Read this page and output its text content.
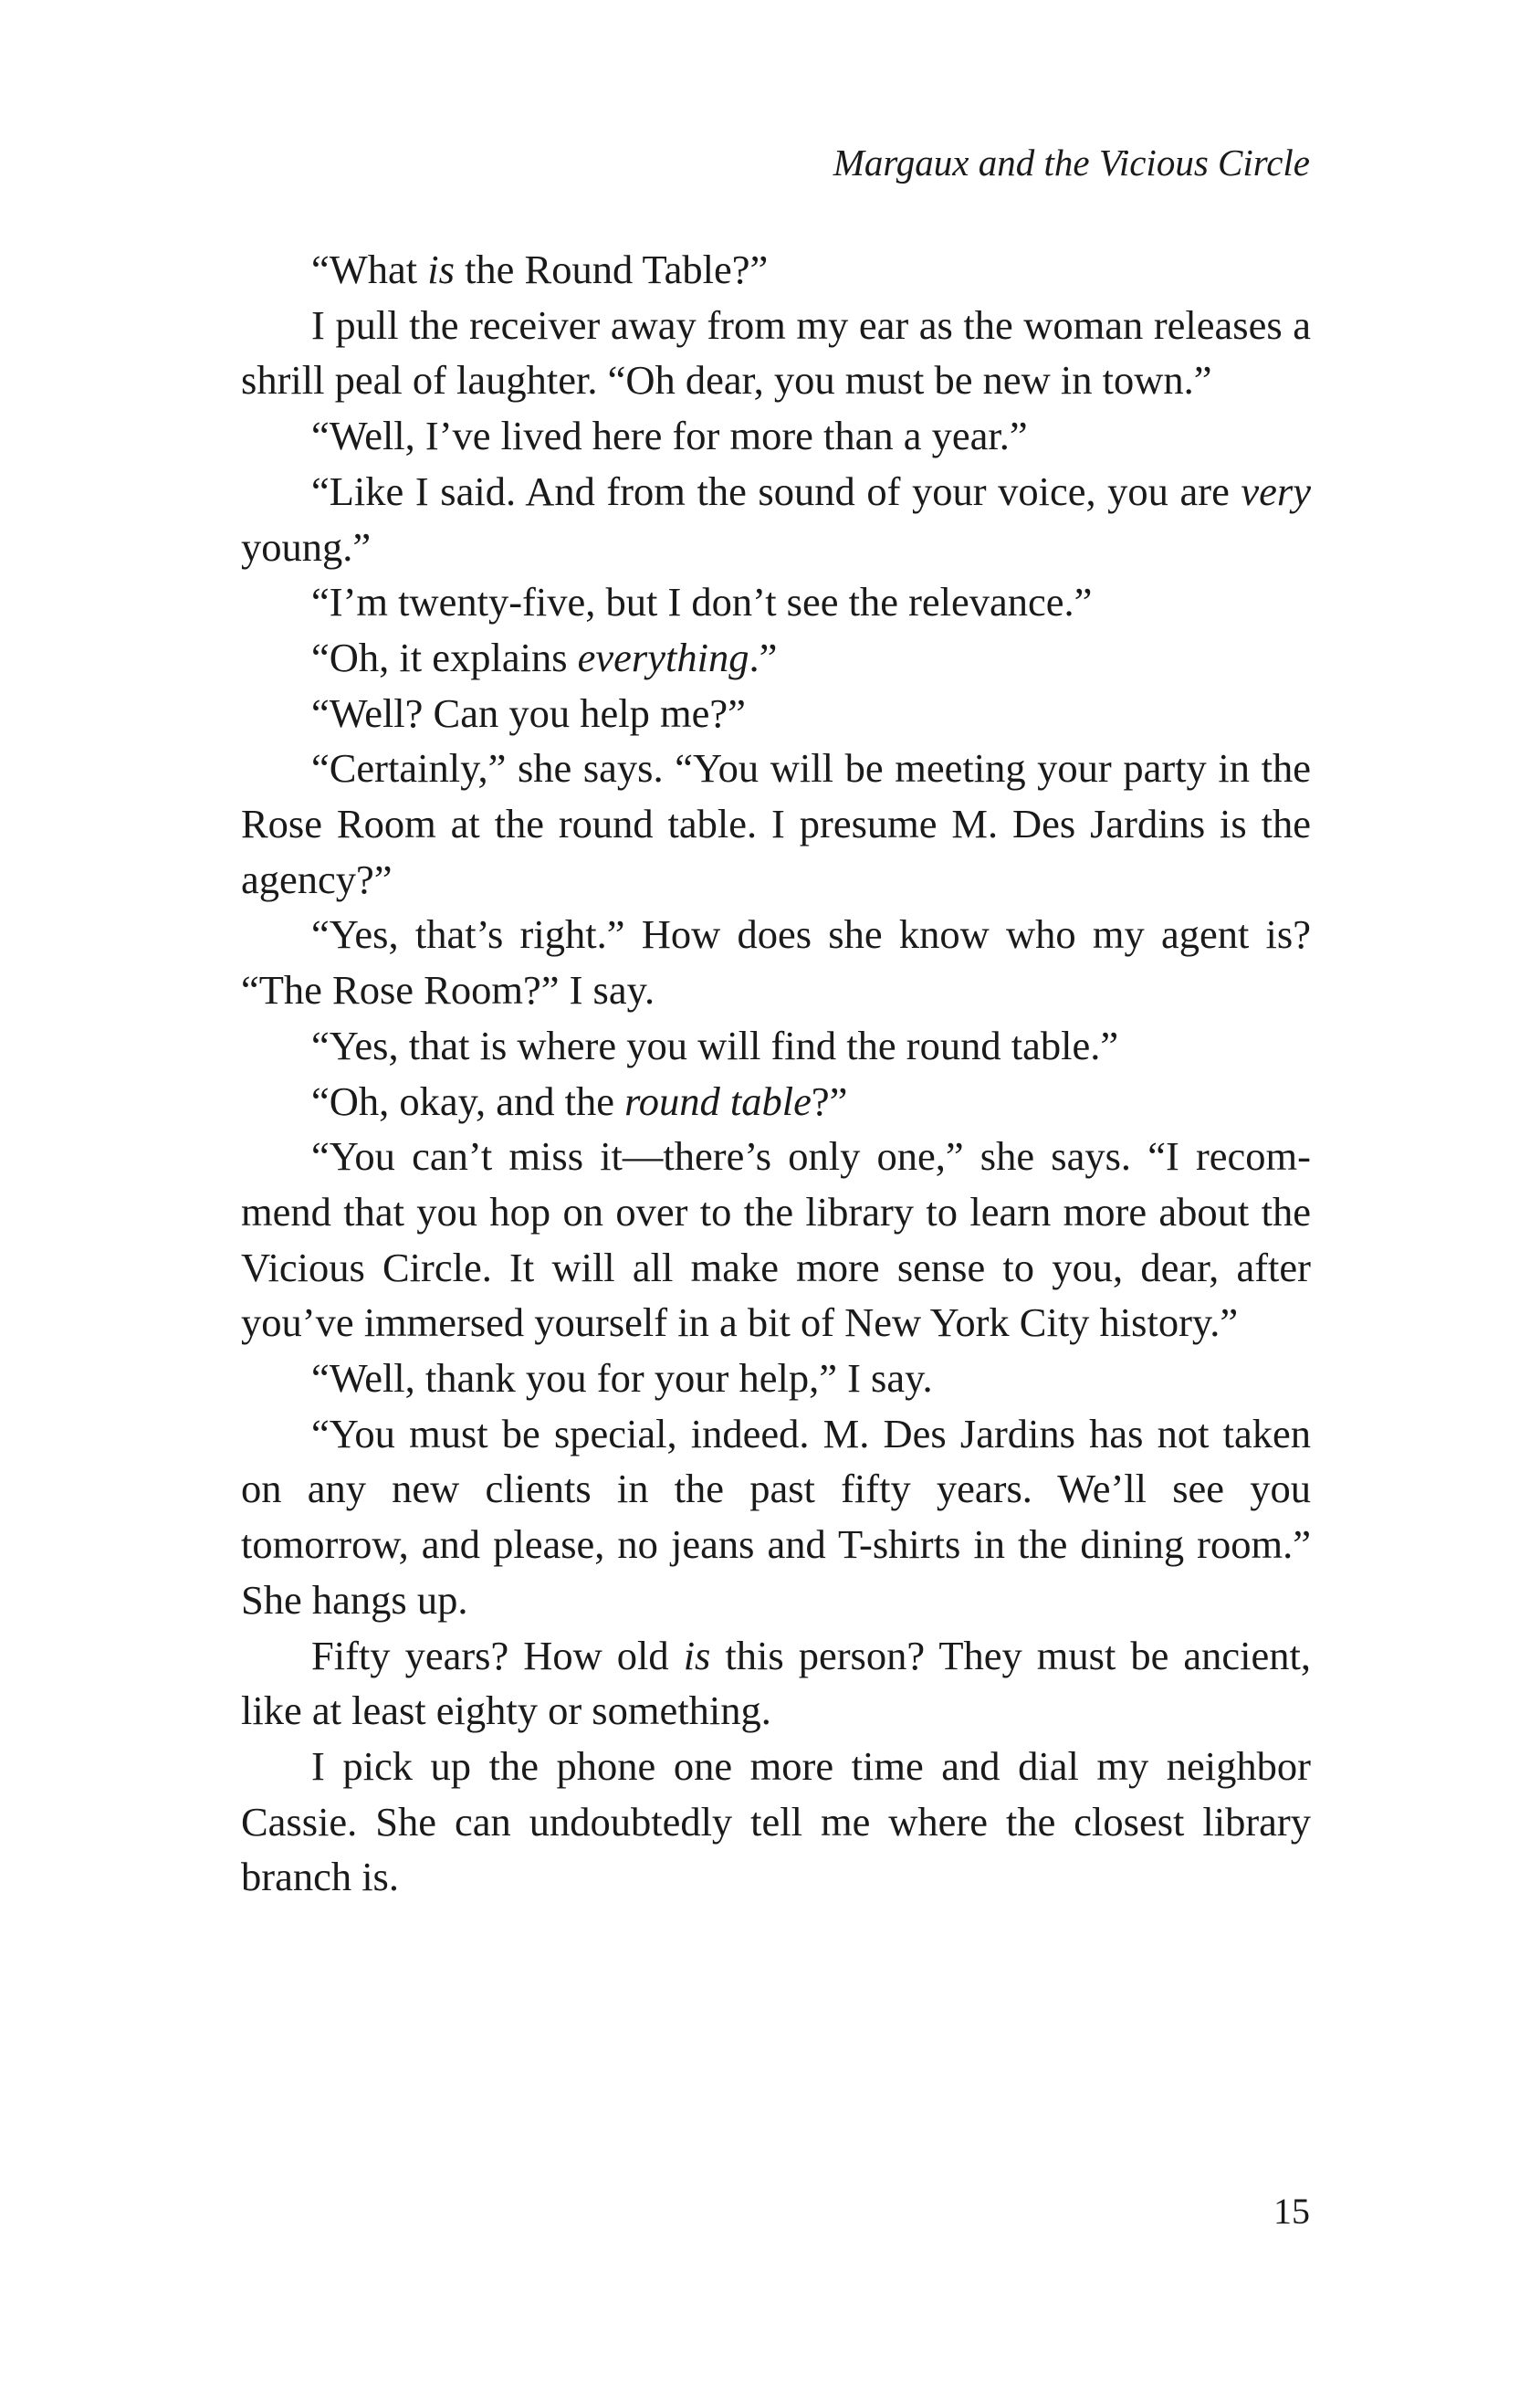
Margaux and the Vicious Circle

“What is the Round Table?”

I pull the receiver away from my ear as the woman releases a shrill peal of laughter. “Oh dear, you must be new in town.”

“Well, I’ve lived here for more than a year.”

“Like I said. And from the sound of your voice, you are very young.”

“I’m twenty-five, but I don’t see the relevance.”

“Oh, it explains everything.”

“Well? Can you help me?”

“Certainly,” she says. “You will be meeting your party in the Rose Room at the round table. I presume M. Des Jardins is the agency?”

“Yes, that’s right.” How does she know who my agent is? “The Rose Room?” I say.

“Yes, that is where you will find the round table.”

“Oh, okay, and the round table?”

“You can’t miss it—there’s only one,” she says. “I recommend that you hop on over to the library to learn more about the Vicious Circle. It will all make more sense to you, dear, after you’ve immersed yourself in a bit of New York City history.”

“Well, thank you for your help,” I say.

“You must be special, indeed. M. Des Jardins has not taken on any new clients in the past fifty years. We’ll see you tomorrow, and please, no jeans and T-shirts in the dining room.” She hangs up.

Fifty years? How old is this person? They must be ancient, like at least eighty or something.

I pick up the phone one more time and dial my neighbor Cassie. She can undoubtedly tell me where the closest library branch is.

15
